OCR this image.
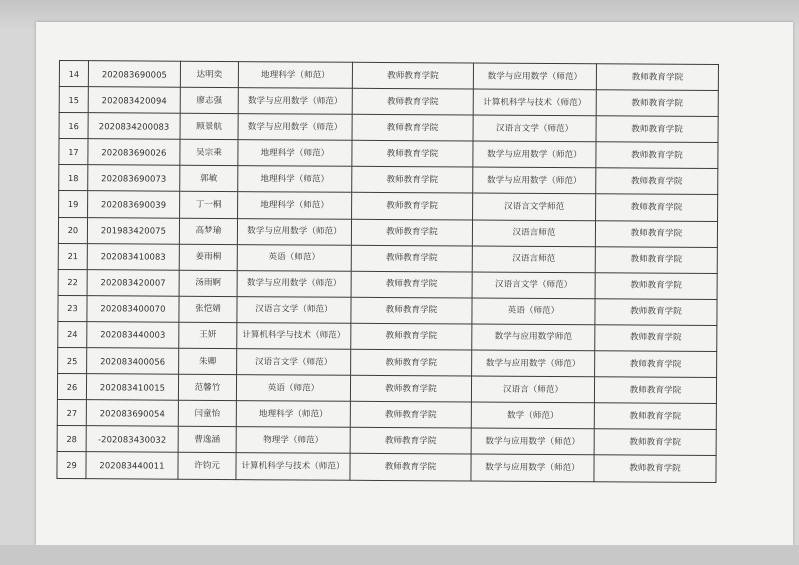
14	202083690005	达明奕	地理科学（师范）	教师教育学院	数学与应用数学（师范）	教师教育学院
15	202083420094	廖志强	数学与应用数学（师范）	教师教育学院	计算机科学与技术（师范）	教师教育学院
16	2020834200083	顾景航	数学与应用数学（师范）	教师教育学院	汉语言文学（师范）	教师教育学院
17	202083690026	吴宗乘	地理科学（师范）	教师教育学院	数学与应用数学（师范）	教师教育学院
18	202083690073	郭敏	地理科学（师范）	教师教育学院	数学与应用数学（师范）	教师教育学院
19	202083690039	丁一桐	地理科学（师范）	教师教育学院	汉语言文学师范	教师教育学院
20	201983420075	高梦瑜	数学与应用数学（师范）	教师教育学院	汉语言师范	教师教育学院
21	202083410083	姜雨桐	英语（师范）	教师教育学院	汉语言师范	教师教育学院
22	202083420007	汤雨婀	数学与应用数学（师范）	教师教育学院	汉语言文学（师范）	教师教育学院
23	202083400070	张恺婧	汉语言文学（师范）	教师教育学院	英语（师范）	教师教育学院
24	202083440003	王妍	计算机科学与技术（师范）	教师教育学院	数学与应用数学师范	教师教育学院
25	202083400056	朱卿	汉语言文学（师范）	教师教育学院	数学与应用数学（师范）	教师教育学院
26	202083410015	范馨竹	英语（师范）	教师教育学院	汉语言（师范）	教师教育学院
27	202083690054	闫童怡	地理科学（师范）	教师教育学院	数学（师范）	教师教育学院
28	-202083430032	曹逸涵	物理学（师范）	教师教育学院	数学与应用数学（师范）	教师教育学院
29	202083440011	许钧元	计算机科学与技术（师范）	教师教育学院	数学与应用数学（师范）	教师教育学院
